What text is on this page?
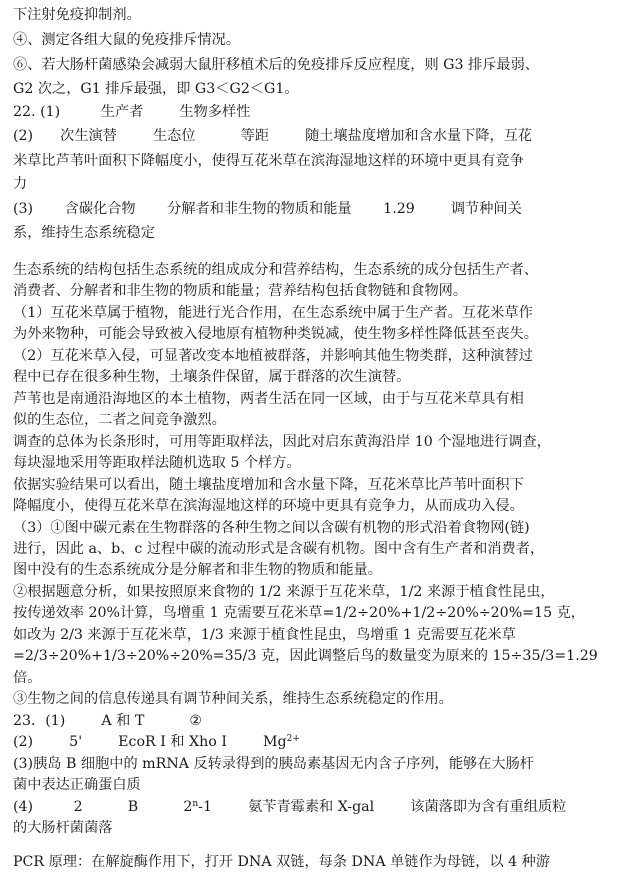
下注射免疫抑制剂。
④、测定各组大鼠的免疫排斥情况。
⑥、若大肠杆菌感染会减弱大鼠肝移植术后的免疫排斥反应程度，则 G3 排斥最弱、
G2 次之，G1 排斥最强，即 G3＜G2＜G1。
22. (1)         生产者        生物多样性
(2)      次生演替        生态位          等距        随土壤盐度增加和含水量下降，互花
米草比芦苇叶面积下降幅度小，使得互花米草在滨海湿地这样的环境中更具有竞争
力
(3)       含碳化合物       分解者和非生物的物质和能量       1.29        调节种间关
系，维持生态系统稳定
生态系统的结构包括生态系统的组成成分和营养结构，生态系统的成分包括生产者、
消费者、分解者和非生物的物质和能量；营养结构包括食物链和食物网。
（1）互花米草属于植物，能进行光合作用，在生态系统中属于生产者。互花米草作
为外来物种，可能会导致被入侵地原有植物种类锐减，使生物多样性降低甚至丧失。
（2）互花米草入侵，可显著改变本地植被群落，并影响其他生物类群，这种演替过
程中已存在很多种生物，土壤条件保留，属于群落的次生演替。
芦苇也是南通沿海地区的本土植物，两者生活在同一区域，由于与互花米草具有相
似的生态位，二者之间竞争激烈。
调查的总体为长条形时，可用等距取样法，因此对启东黄海沿岸 10 个湿地进行调查，
每块湿地采用等距取样法随机选取 5 个样方。
依据实验结果可以看出，随土壤盐度增加和含水量下降，互花米草比芦苇叶面积下
降幅度小，使得互花米草在滨海湿地这样的环境中更具有竞争力，从而成功入侵。
（3）①图中碳元素在生物群落的各种生物之间以含碳有机物的形式沿着食物网(链)
进行，因此 a、b、c 过程中碳的流动形式是含碳有机物。图中含有生产者和消费者，
图中没有的生态系统成分是分解者和非生物的物质和能量。
②根据题意分析，如果按照原来食物的 1/2 来源于互花米草，1/2 来源于植食性昆虫，
按传递效率 20%计算，鸟增重 1 克需要互花米草=1/2÷20%+1/2÷20%÷20%=15 克，
如改为 2/3 来源于互花米草，1/3 来源于植食性昆虫，鸟增重 1 克需要互花米草
=2/3÷20%+1/3÷20%÷20%=35/3 克，因此调整后鸟的数量变为原来的 15÷35/3=1.29
倍。
③生物之间的信息传递具有调节种间关系，维持生态系统稳定的作用。
23．(1)        A 和 T          ②
(2)        5'        EcoR I 和 Xho I        $Mg^{2+}$
(3)胰岛 B 细胞中的 mRNA 反转录得到的胰岛素基因无内含子序列，能够在大肠杆
菌中表达正确蛋白质
(4)         2          B          2$^n$-1        氨苄青霉素和 X-gal        该菌落即为含有重组质粒
的大肠杆菌菌落
PCR 原理：在解旋酶作用下，打开 DNA 双链，每条 DNA 单链作为母链，以 4 种游
